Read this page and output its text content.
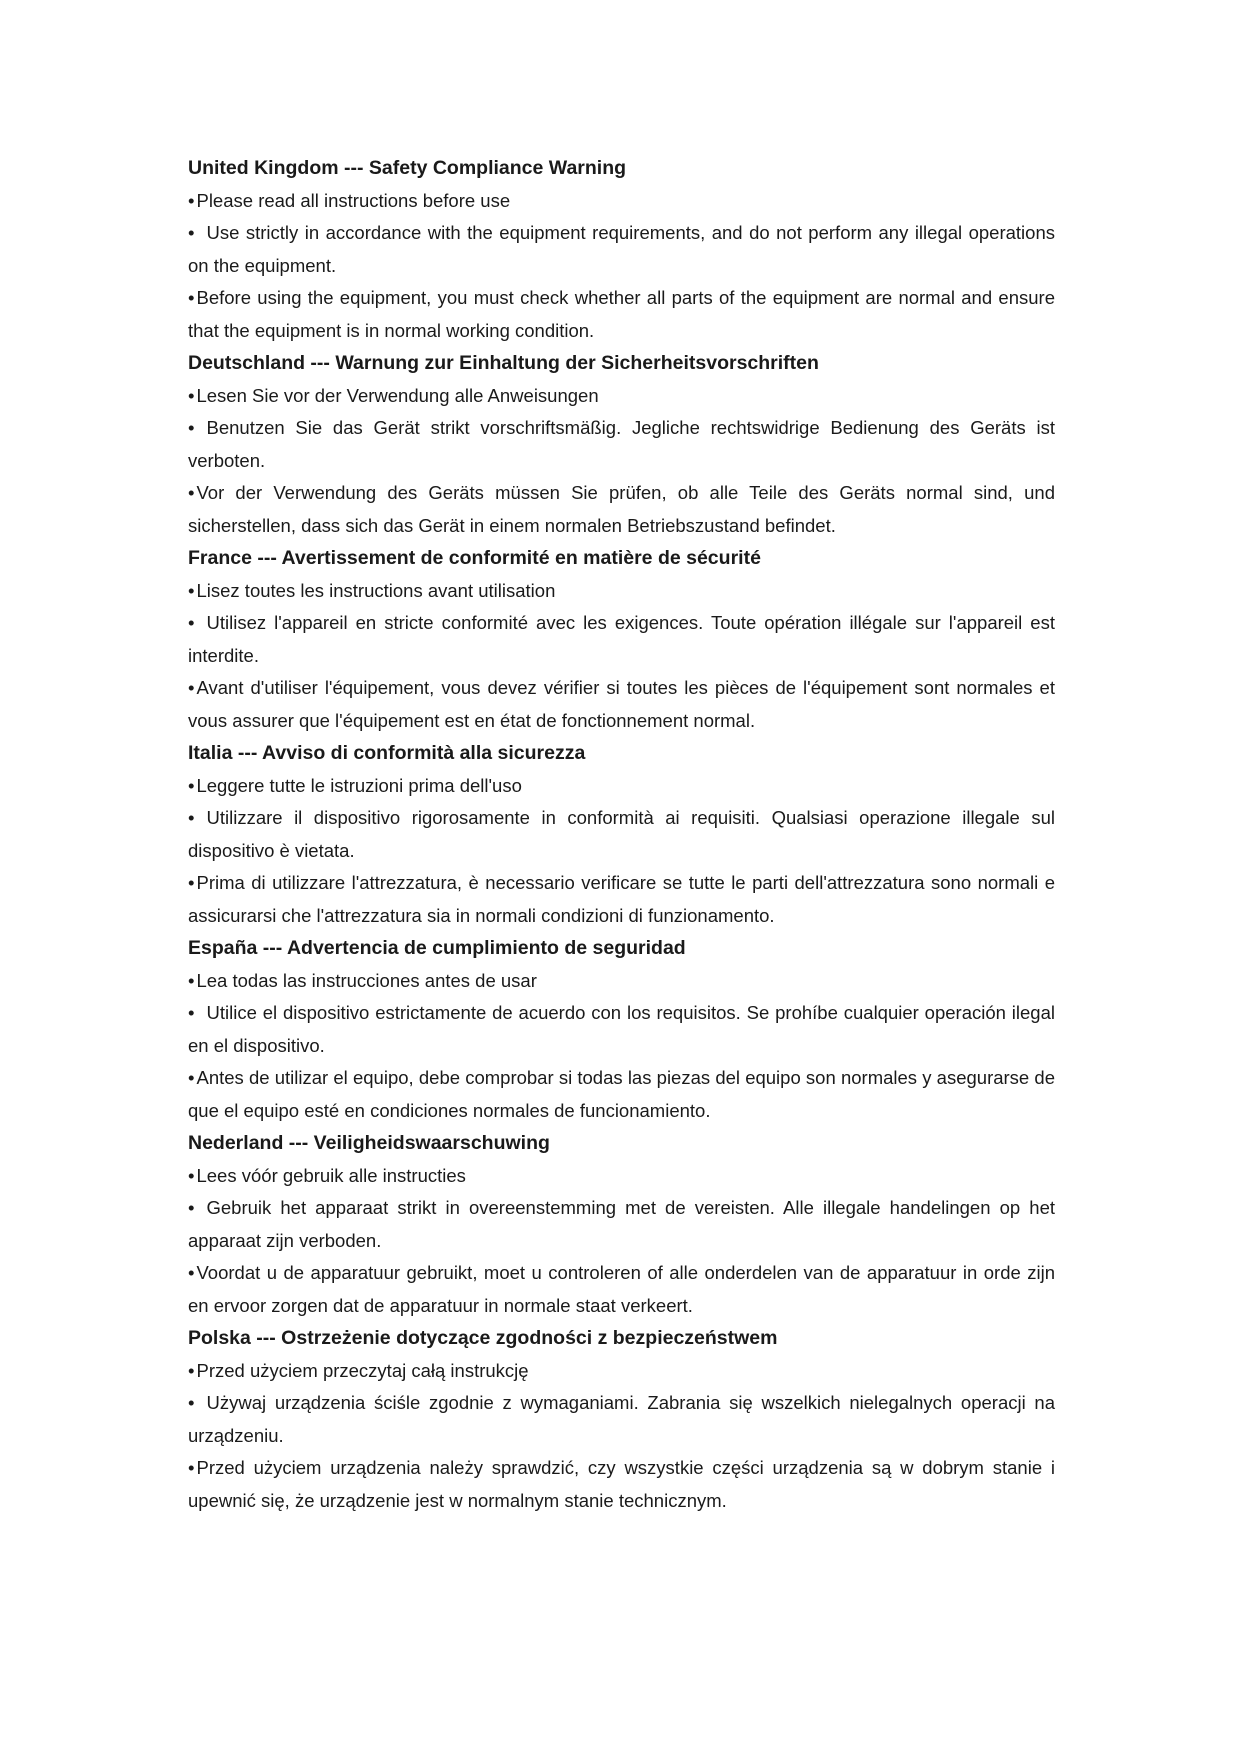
United Kingdom --- Safety Compliance Warning

• Please read all instructions before use

• Use strictly in accordance with the equipment requirements, and do not perform any illegal operations on the equipment.

• Before using the equipment, you must check whether all parts of the equipment are normal and ensure that the equipment is in normal working condition.

Deutschland --- Warnung zur Einhaltung der Sicherheitsvorschriften

• Lesen Sie vor der Verwendung alle Anweisungen

• Benutzen Sie das Gerät strikt vorschriftsmäßig. Jegliche rechtswidrige Bedienung des Geräts ist verboten.

• Vor der Verwendung des Geräts müssen Sie prüfen, ob alle Teile des Geräts normal sind, und sicherstellen, dass sich das Gerät in einem normalen Betriebszustand befindet.

France --- Avertissement de conformité en matière de sécurité

• Lisez toutes les instructions avant utilisation

• Utilisez l'appareil en stricte conformité avec les exigences. Toute opération illégale sur l'appareil est interdite.

• Avant d'utiliser l'équipement, vous devez vérifier si toutes les pièces de l'équipement sont normales et vous assurer que l'équipement est en état de fonctionnement normal.

Italia --- Avviso di conformità alla sicurezza

• Leggere tutte le istruzioni prima dell'uso

• Utilizzare il dispositivo rigorosamente in conformità ai requisiti. Qualsiasi operazione illegale sul dispositivo è vietata.

• Prima di utilizzare l'attrezzatura, è necessario verificare se tutte le parti dell'attrezzatura sono normali e assicurarsi che l'attrezzatura sia in normali condizioni di funzionamento.

España --- Advertencia de cumplimiento de seguridad

• Lea todas las instrucciones antes de usar

• Utilice el dispositivo estrictamente de acuerdo con los requisitos. Se prohíbe cualquier operación ilegal en el dispositivo.

• Antes de utilizar el equipo, debe comprobar si todas las piezas del equipo son normales y asegurarse de que el equipo esté en condiciones normales de funcionamiento.

Nederland --- Veiligheidswaarschuwing

• Lees vóór gebruik alle instructies

• Gebruik het apparaat strikt in overeenstemming met de vereisten. Alle illegale handelingen op het apparaat zijn verboden.

• Voordat u de apparatuur gebruikt, moet u controleren of alle onderdelen van de apparatuur in orde zijn en ervoor zorgen dat de apparatuur in normale staat verkeert.

Polska --- Ostrzeżenie dotyczące zgodności z bezpieczeństwem

• Przed użyciem przeczytaj całą instrukcję

• Używaj urządzenia ściśle zgodnie z wymaganiami. Zabrania się wszelkich nielegalnych operacji na urządzeniu.

• Przed użyciem urządzenia należy sprawdzić, czy wszystkie części urządzenia są w dobrym stanie i upewnić się, że urządzenie jest w normalnym stanie technicznym.
